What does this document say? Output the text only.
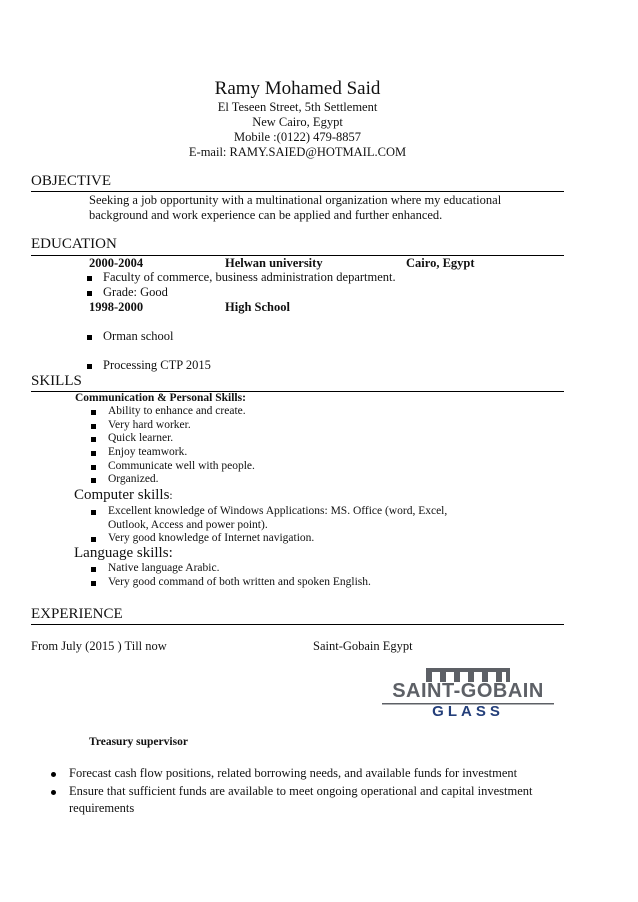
Ramy Mohamed Said
El Teseen Street, 5th Settlement
New Cairo, Egypt
Mobile :(0122) 479-8857
E-mail: RAMY.SAIED@HOTMAIL.COM
OBJECTIVE
Seeking a job opportunity with a multinational organization where my educational
background and work experience can be applied and further enhanced.
EDUCATION
2000-2004	Helwan university	Cairo, Egypt
Faculty of commerce, business administration department.
Grade: Good
1998-2000	High School
Orman school
Processing CTP 2015
SKILLS
Communication & Personal Skills:
Ability to enhance and create.
Very hard worker.
Quick learner.
Enjoy teamwork.
Communicate well with people.
Organized.
Computer skills:
Excellent knowledge of Windows Applications: MS. Office (word, Excel,
Outlook, Access and power point).
Very good knowledge of Internet navigation.
Language skills:
Native language Arabic.
Very good command of both written and spoken English.
EXPERIENCE
From July (2015 ) Till now	Saint-Gobain Egypt
SAINT-GOBAIN
GLASS
Treasury supervisor
Forecast cash flow positions, related borrowing needs, and available funds for investment
Ensure that sufficient funds are available to meet ongoing operational and capital investment
requirements
